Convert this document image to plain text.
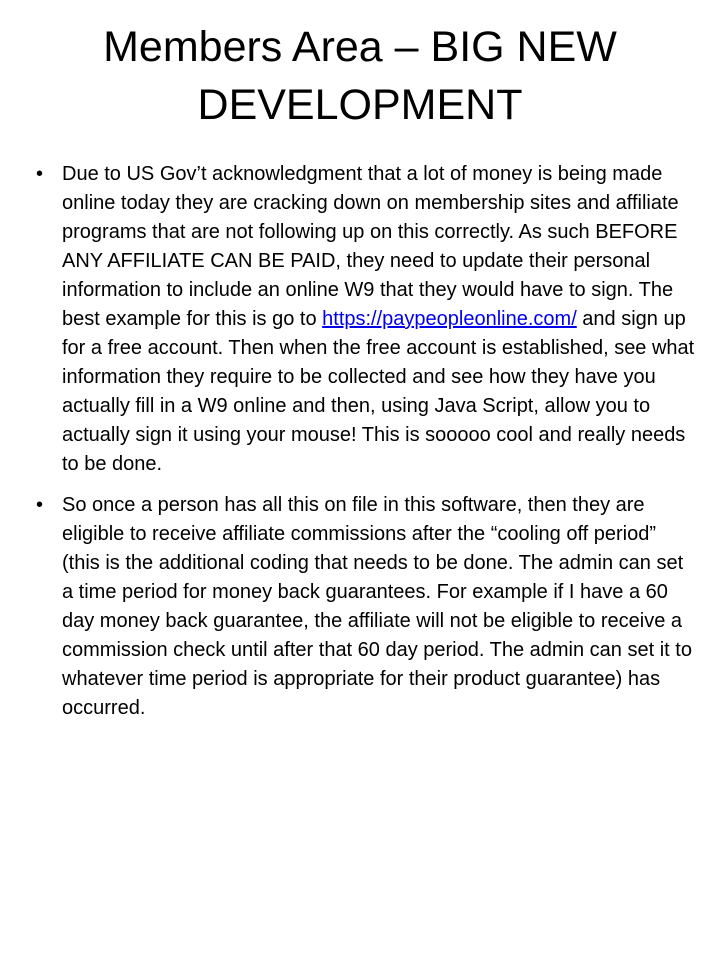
Members Area – BIG NEW DEVELOPMENT
• Due to US Gov’t acknowledgment that a lot of money is being made online today they are cracking down on membership sites and affiliate programs that are not following up on this correctly. As such BEFORE ANY AFFILIATE CAN BE PAID, they need to update their personal information to include an online W9 that they would have to sign. The best example for this is go to https://paypeopleonline.com/ and sign up for a free account. Then when the free account is established, see what information they require to be collected and see how they have you actually fill in a W9 online and then, using Java Script, allow you to actually sign it using your mouse! This is sooooo cool and really needs to be done.
• So once a person has all this on file in this software, then they are eligible to receive affiliate commissions after the “cooling off period” (this is the additional coding that needs to be done. The admin can set a time period for money back guarantees. For example if I have a 60 day money back guarantee, the affiliate will not be eligible to receive a commission check until after that 60 day period. The admin can set it to whatever time period is appropriate for their product guarantee) has occurred.
